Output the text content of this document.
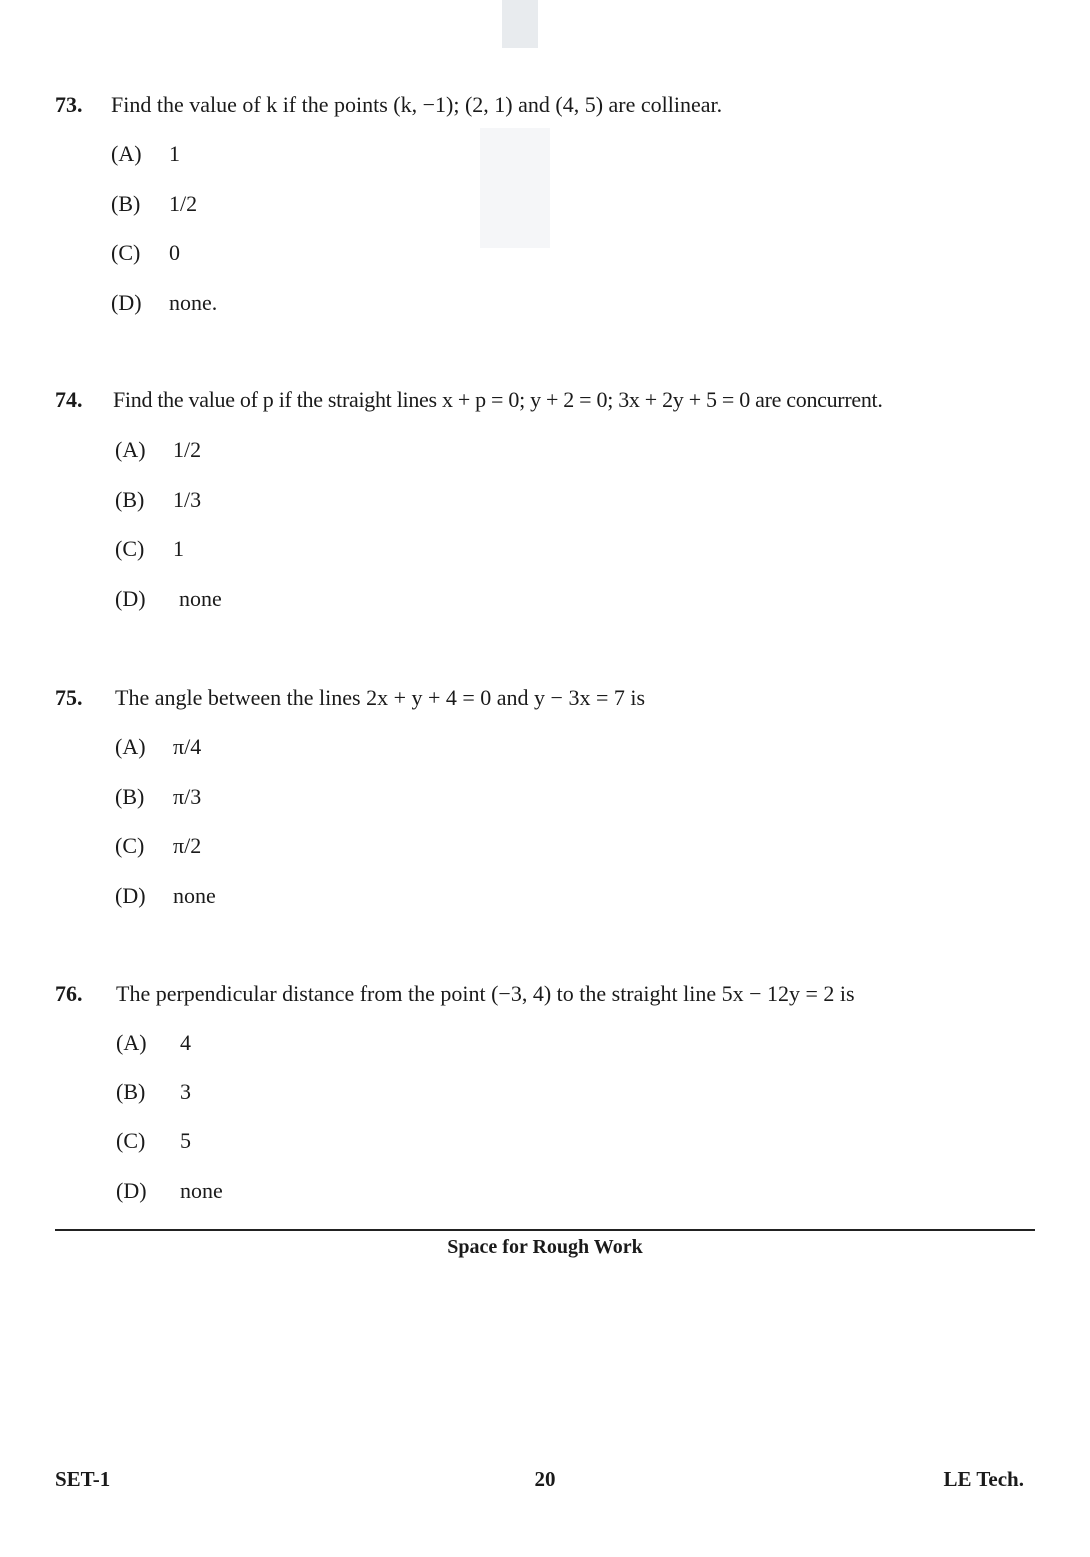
73. Find the value of k if the points (k, −1); (2, 1) and (4, 5) are collinear.
(A) 1
(B) 1/2
(C) 0
(D) none.
74. Find the value of p if the straight lines x + p = 0; y + 2 = 0; 3x + 2y + 5 = 0 are concurrent.
(A) 1/2
(B) 1/3
(C) 1
(D) none
75. The angle between the lines 2x + y + 4 = 0 and y − 3x = 7 is
(A) π/4
(B) π/3
(C) π/2
(D) none
76. The perpendicular distance from the point (−3, 4) to the straight line 5x − 12y = 2 is
(A) 4
(B) 3
(C) 5
(D) none
Space for Rough Work
SET-1	20	LE Tech.
